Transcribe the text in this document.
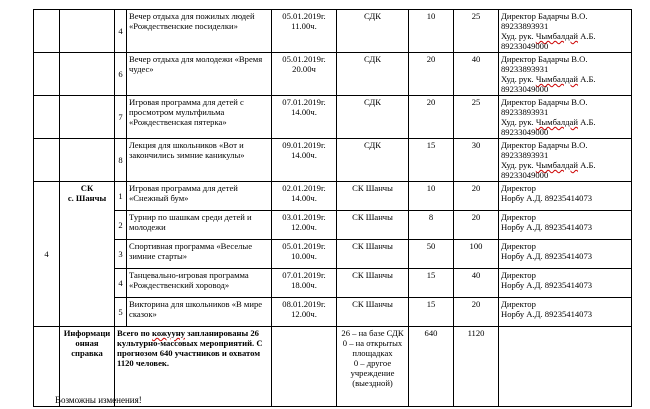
		4	Вечер отдыха для пожилых людей «Рождественские посиделки»	05.01.2019г.
11.00ч.	СДК	10	25	Директор Бадарчы В.О. 89233893931
Худ. рук. Чымбалдай А.Б. 89233049000
		6	Вечер отдыха для молодежи «Время чудес»	05.01.2019г.
20.00ч	СДК	20	40	Директор Бадарчы В.О. 89233893931
Худ. рук. Чымбалдай А.Б. 89233049000
		7	Игровая программа для детей с просмотром мультфильма «Рождественская пятерка»	07.01.2019г.
14.00ч.	СДК	20	25	Директор Бадарчы В.О. 89233893931
Худ. рук. Чымбалдай А.Б. 89233049000
		8	Лекция для школьников «Вот и закончились зимние каникулы»	09.01.2019г.
14.00ч.	СДК	15	30	Директор Бадарчы В.О. 89233893931
Худ. рук. Чымбалдай А.Б. 89233049000
4	СК
с. Шанчы	1	Игровая программа для детей «Снежный бум»	02.01.2019г.
14.00ч.	СК Шанчы	10	20	Директор
Норбу А.Д. 89235414073
		2	Турнир по шашкам среди детей и молодежи	03.01.2019г.
12.00ч.	СК Шанчы	8	20	Директор
Норбу А.Д. 89235414073
		3	Спортивная программа «Веселые зимние старты»	05.01.2019г.
10.00ч.	СК Шанчы	50	100	Директор
Норбу А.Д. 89235414073
		4	Танцевально-игровая программа «Рождественский хоровод»	07.01.2019г.
18.00ч.	СК Шанчы	15	40	Директор
Норбу А.Д. 89235414073
		5	Викторина для школьников «В мире сказок»	08.01.2019г.
12.00ч.	СК Шанчы	15	20	Директор
Норбу А.Д. 89235414073
	Информаци онная справка	Всего по кожууну запланированы 26 культурно-массовых мероприятий. С прогнозом 640 участников и охватом 1120 человек.			26 – на базе СДК
0 – на открытых площадках
0 – другое учреждение (выездной)	640	1120	
Возможны изменения!
